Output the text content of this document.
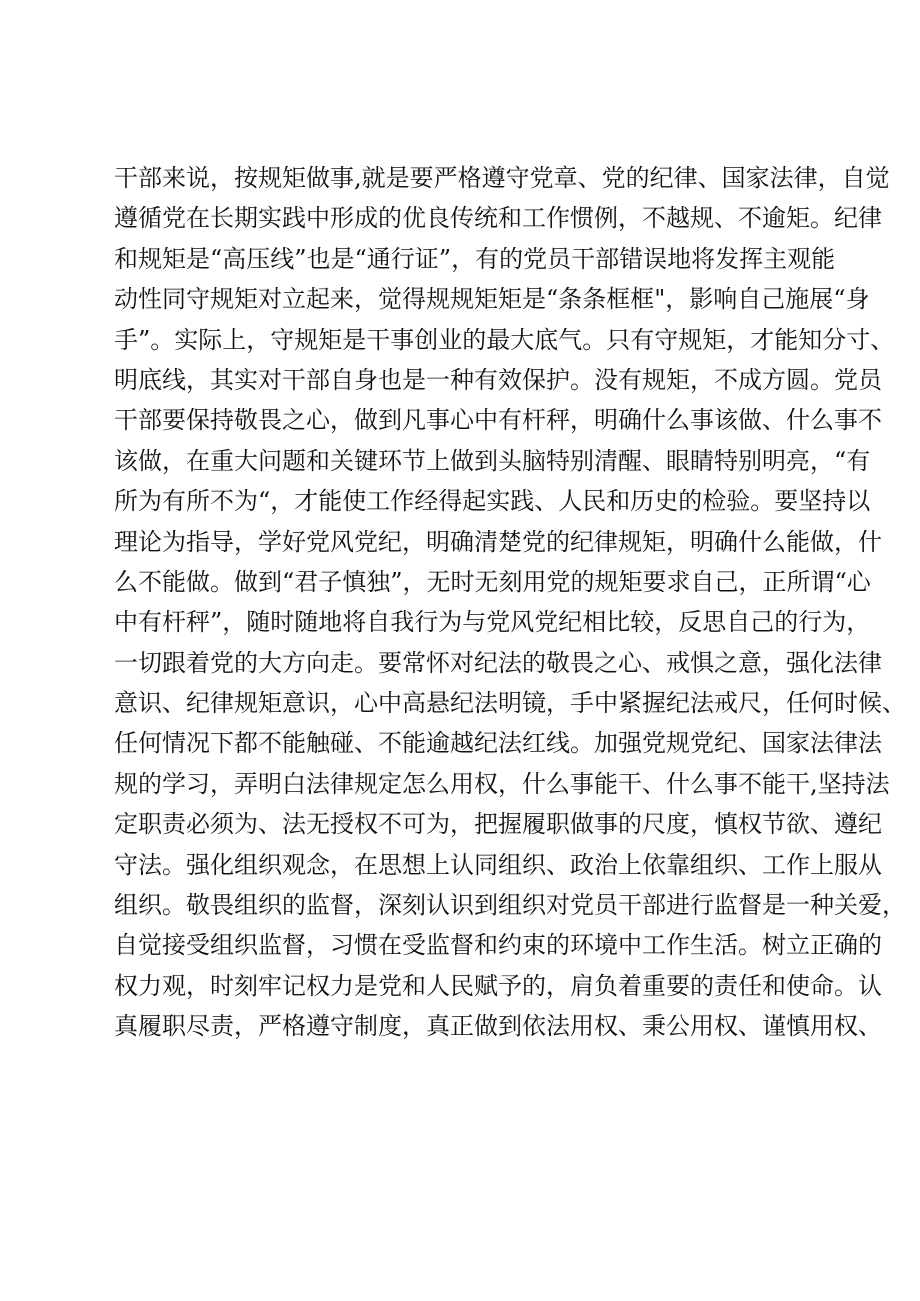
干部来说，按规矩做事,就是要严格遵守党章、党的纪律、国家法律，自觉
遵循党在长期实践中形成的优良传统和工作惯例，不越规、不逾矩。纪律
和规矩是“高压线”也是“通行证”，有的党员干部错误地将发挥主观能
动性同守规矩对立起来，觉得规规矩矩是“条条框框"，影响自己施展“身
手”。实际上，守规矩是干事创业的最大底气。只有守规矩，才能知分寸、
明底线，其实对干部自身也是一种有效保护。没有规矩，不成方圆。党员
干部要保持敬畏之心，做到凡事心中有杆秤，明确什么事该做、什么事不
该做，在重大问题和关键环节上做到头脑特别清醒、眼睛特别明亮，“有
所为有所不为“，才能使工作经得起实践、人民和历史的检验。要坚持以
理论为指导，学好党风党纪，明确清楚党的纪律规矩，明确什么能做，什
么不能做。做到“君子慎独”，无时无刻用党的规矩要求自己，正所谓“心
中有杆秤”，随时随地将自我行为与党风党纪相比较，反思自己的行为，
一切跟着党的大方向走。要常怀对纪法的敬畏之心、戒惧之意，强化法律
意识、纪律规矩意识，心中高悬纪法明镜，手中紧握纪法戒尺，任何时候、
任何情况下都不能触碰、不能逾越纪法红线。加强党规党纪、国家法律法
规的学习，弄明白法律规定怎么用权，什么事能干、什么事不能干,坚持法
定职责必须为、法无授权不可为，把握履职做事的尺度，慎权节欲、遵纪
守法。强化组织观念，在思想上认同组织、政治上依靠组织、工作上服从
组织。敬畏组织的监督，深刻认识到组织对党员干部进行监督是一种关爱，
自觉接受组织监督，习惯在受监督和约束的环境中工作生活。树立正确的
权力观，时刻牢记权力是党和人民赋予的，肩负着重要的责任和使命。认
真履职尽责，严格遵守制度，真正做到依法用权、秉公用权、谨慎用权、
